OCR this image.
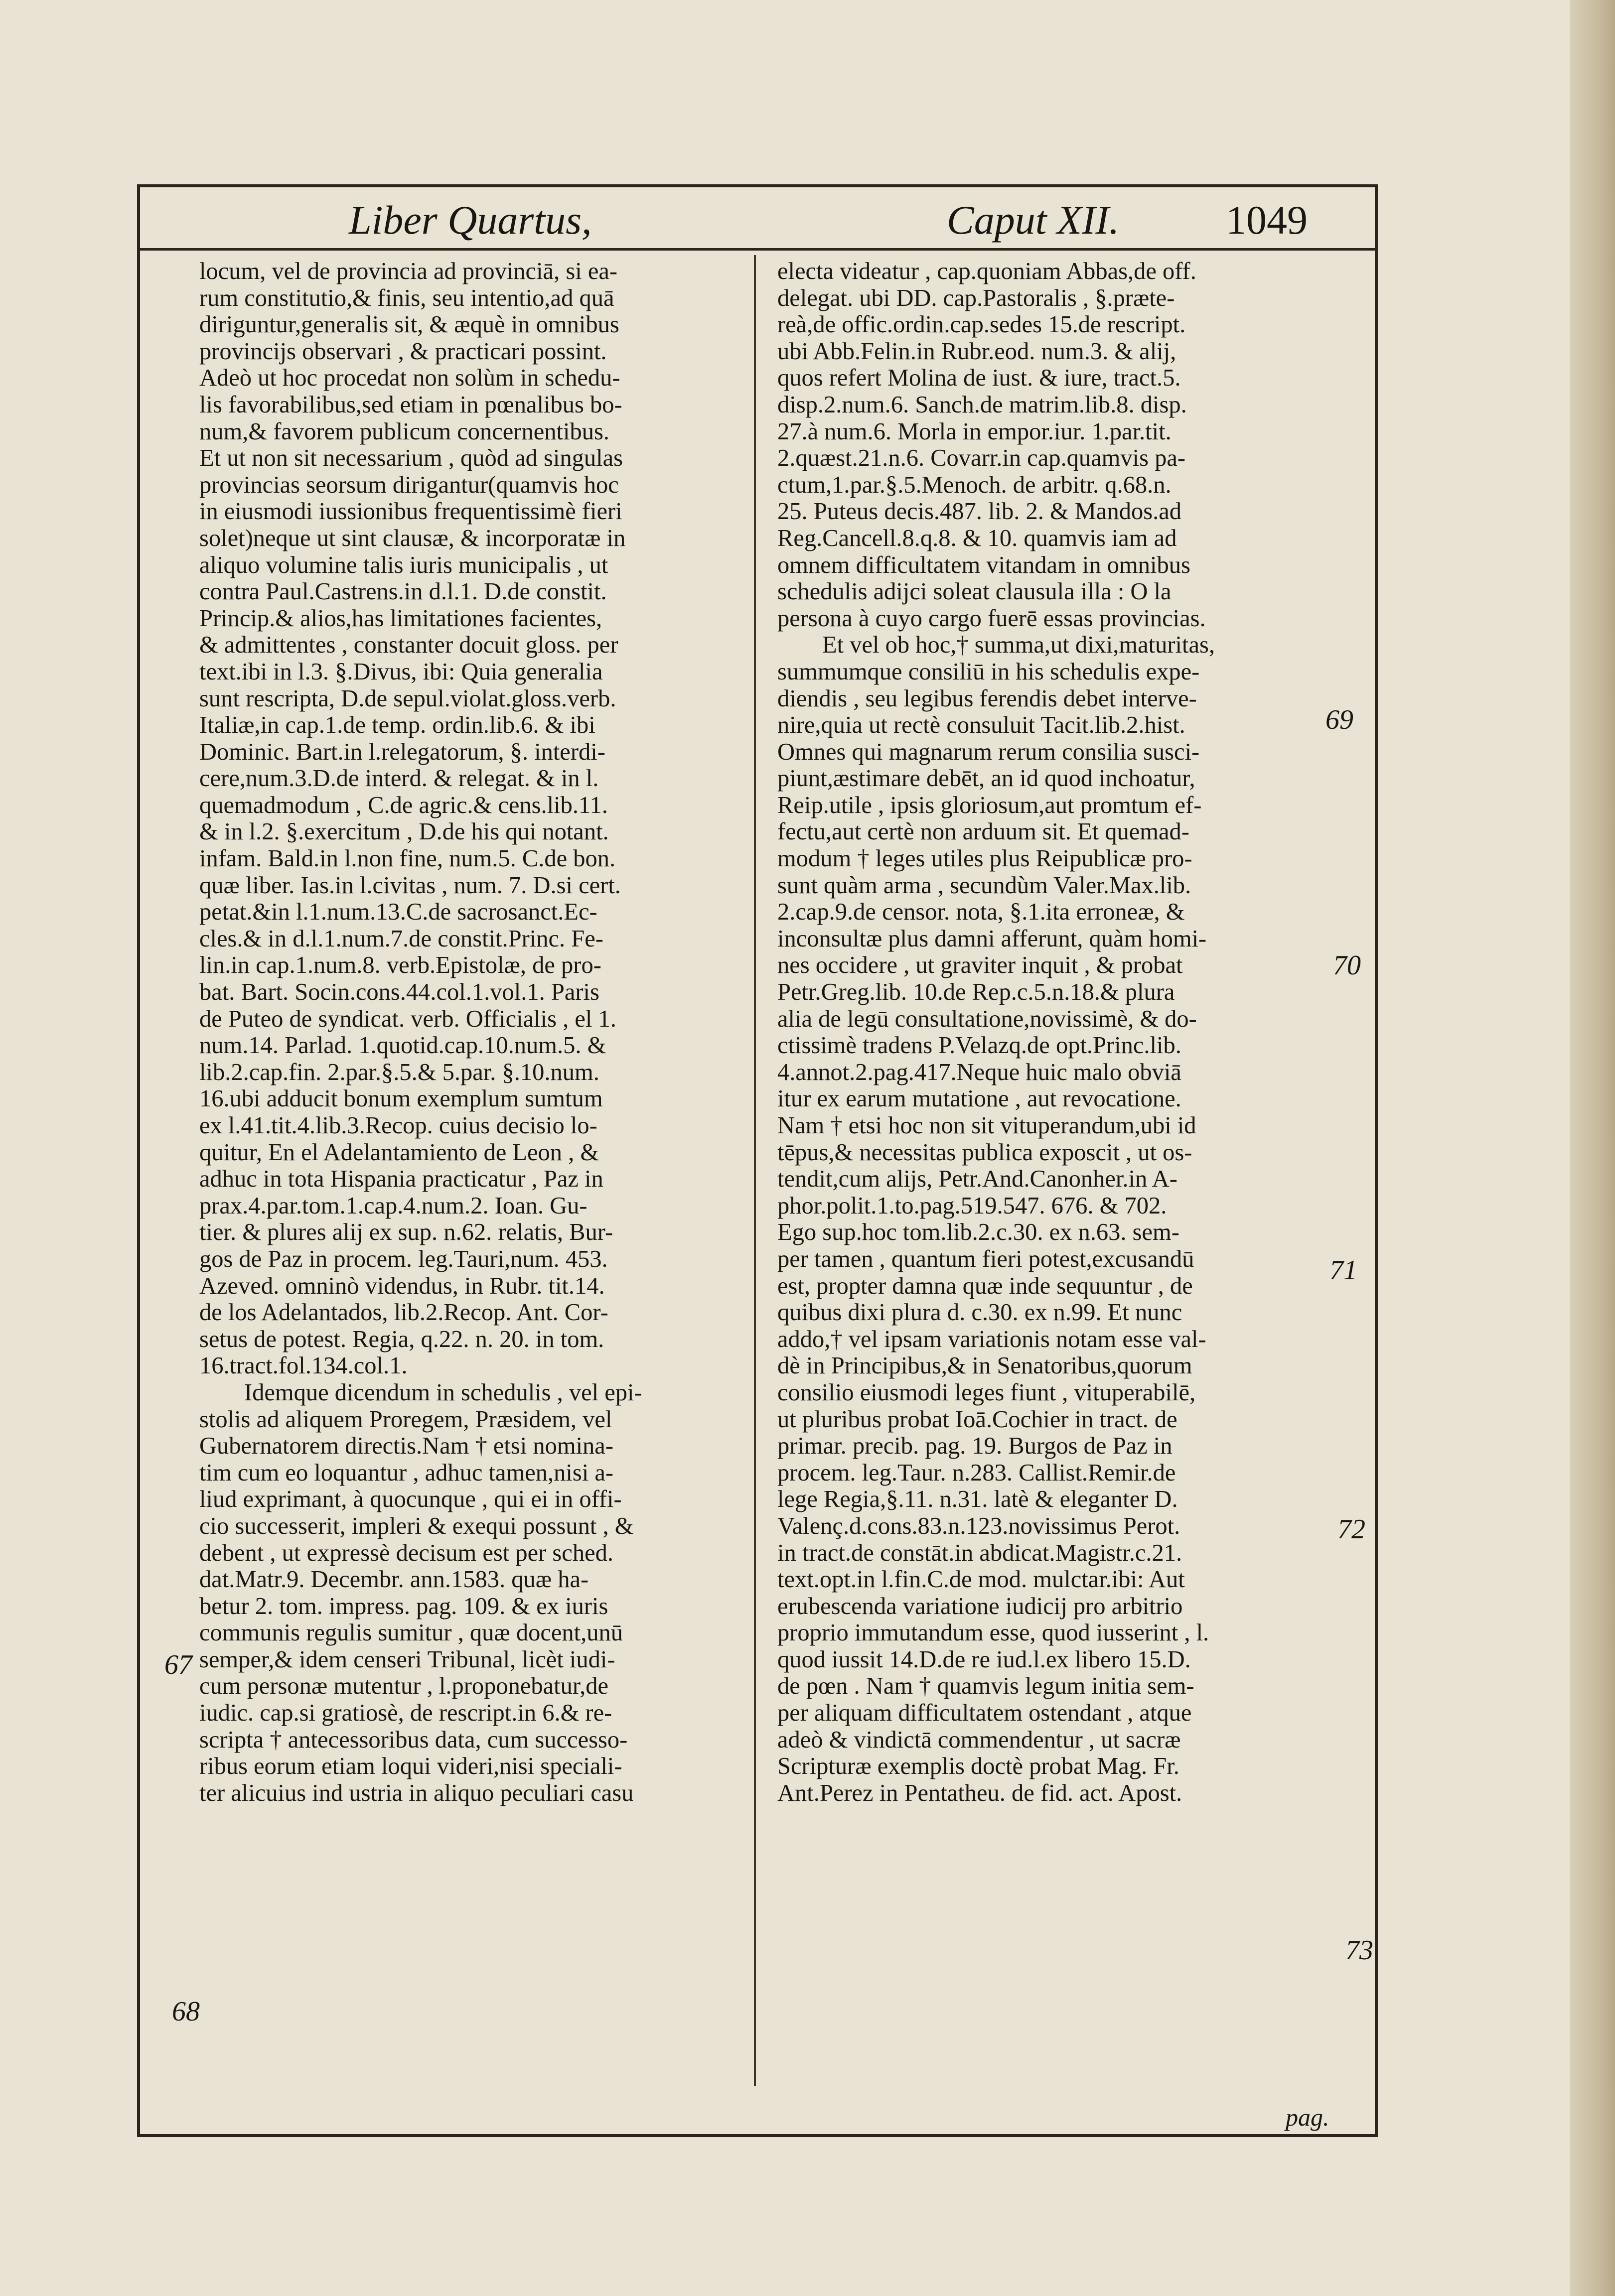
Liber Quartus,	Caput XII.	1049

locum, vel de provincia ad provinciā, si ea-

rum constitutio,& finis, seu intentio,ad quā

diriguntur,generalis sit, & æquè in omnibus

provincijs observari , & practicari possint.

Adeò ut hoc procedat non solùm in schedu-

lis favorabilibus,sed etiam in pœnalibus bo-

num,& favorem publicum concernentibus.

Et ut non sit necessarium , quòd ad singulas

provincias seorsum dirigantur(quamvis hoc

in eiusmodi iussionibus frequentissimè fieri

solet)neque ut sint clausæ, & incorporatæ in

aliquo volumine talis iuris municipalis , ut

contra Paul.Castrens.in d.l.1. D.de constit.

Princip.& alios,has limitationes facientes,

& admittentes , constanter docuit gloss. per

text.ibi in l.3. §.Divus, ibi: Quia generalia

sunt rescripta, D.de sepul.violat.gloss.verb.

Italiæ,in cap.1.de temp. ordin.lib.6. & ibi

Dominic. Bart.in l.relegatorum, §. interdi-

cere,num.3.D.de interd. & relegat. & in l.

quemadmodum , C.de agric.& cens.lib.11.

& in l.2. §.exercitum , D.de his qui notant.

infam. Bald.in l.non fine, num.5. C.de bon.

quæ liber. Ias.in l.civitas , num. 7. D.si cert.

petat.&in l.1.num.13.C.de sacrosanct.Ec-

cles.& in d.l.1.num.7.de constit.Princ. Fe-

lin.in cap.1.num.8. verb.Epistolæ, de pro-

bat. Bart. Socin.cons.44.col.1.vol.1. Paris

de Puteo de syndicat. verb. Officialis , el 1.

num.14. Parlad. 1.quotid.cap.10.num.5. &

lib.2.cap.fin. 2.par.§.5.& 5.par. §.10.num.

16.ubi adducit bonum exemplum sumtum

ex l.41.tit.4.lib.3.Recop. cuius decisio lo-

quitur, En el Adelantamiento de Leon , &

adhuc in tota Hispania practicatur , Paz in

prax.4.par.tom.1.cap.4.num.2. Ioan. Gu-

tier. & plures alij ex sup. n.62. relatis, Bur-

gos de Paz in procem. leg.Tauri,num. 453.

Azeved. omninò videndus, in Rubr. tit.14.

de los Adelantados, lib.2.Recop. Ant. Cor-

setus de potest. Regia, q.22. n. 20. in tom.

16.tract.fol.134.col.1.

Idemque dicendum in schedulis , vel epi-

stolis ad aliquem Proregem, Præsidem, vel

Gubernatorem directis.Nam † etsi nomina-

tim cum eo loquantur , adhuc tamen,nisi a-

liud exprimant, à quocunque , qui ei in offi-

cio successerit, impleri & exequi possunt , &

debent , ut expressè decisum est per sched.

dat.Matr.9. Decembr. ann.1583. quæ ha-

betur 2. tom. impress. pag. 109. & ex iuris

communis regulis sumitur , quæ docent,unū

semper,& idem censeri Tribunal, licèt iudi-

cum personæ mutentur , l.proponebatur,de

iudic. cap.si gratiosè, de rescript.in 6.& re-

scripta † antecessoribus data, cum successo-

ribus eorum etiam loqui videri,nisi speciali-

ter alicuius ind ustria in aliquo peculiari casu

electa videatur , cap.quoniam Abbas,de off.

delegat. ubi DD. cap.Pastoralis , §.præte-

reà,de offic.ordin.cap.sedes 15.de rescript.

ubi Abb.Felin.in Rubr.eod. num.3. & alij,

quos refert Molina de iust. & iure, tract.5.

disp.2.num.6. Sanch.de matrim.lib.8. disp.

27.à num.6. Morla in empor.iur. 1.par.tit.

2.quæst.21.n.6. Covarr.in cap.quamvis pa-

ctum,1.par.§.5.Menoch. de arbitr. q.68.n.

25. Puteus decis.487. lib. 2. & Mandos.ad

Reg.Cancell.8.q.8. & 10. quamvis iam ad

omnem difficultatem vitandam in omnibus

schedulis adijci soleat clausula illa : O la

persona à cuyo cargo fuerē essas provincias.

Et vel ob hoc,† summa,ut dixi,maturitas,

summumque consiliū in his schedulis expe-

diendis , seu legibus ferendis debet interve-

nire,quia ut rectè consuluit Tacit.lib.2.hist.

Omnes qui magnarum rerum consilia susci-

piunt,æstimare debēt, an id quod inchoatur,

Reip.utile , ipsis gloriosum,aut promtum ef-

fectu,aut certè non arduum sit. Et quemad-

modum † leges utiles plus Reipublicæ pro-

sunt quàm arma , secundùm Valer.Max.lib.

2.cap.9.de censor. nota, §.1.ita erroneæ, &

inconsultæ plus damni afferunt, quàm homi-

nes occidere , ut graviter inquit , & probat

Petr.Greg.lib. 10.de Rep.c.5.n.18.& plura

alia de legū consultatione,novissimè, & do-

ctissimè tradens P.Velazq.de opt.Princ.lib.

4.annot.2.pag.417.Neque huic malo obviā

itur ex earum mutatione , aut revocatione.

Nam † etsi hoc non sit vituperandum,ubi id

tēpus,& necessitas publica exposcit , ut os-

tendit,cum alijs, Petr.And.Canonher.in A-

phor.polit.1.to.pag.519.547. 676. & 702.

Ego sup.hoc tom.lib.2.c.30. ex n.63. sem-

per tamen , quantum fieri potest,excusandū

est, propter damna quæ inde sequuntur , de

quibus dixi plura d. c.30. ex n.99. Et nunc

addo,† vel ipsam variationis notam esse val-

dè in Principibus,& in Senatoribus,quorum

consilio eiusmodi leges fiunt , vituperabilē,

ut pluribus probat Ioā.Cochier in tract. de

primar. precib. pag. 19. Burgos de Paz in

procem. leg.Taur. n.283. Callist.Remir.de

lege Regia,§.11. n.31. latè & eleganter D.

Valenç.d.cons.83.n.123.novissimus Perot.

in tract.de constāt.in abdicat.Magistr.c.21.

text.opt.in l.fin.C.de mod. mulctar.ibi: Aut

erubescenda variatione iudicij pro arbitrio

proprio immutandum esse, quod iusserint , l.

quod iussit 14.D.de re iud.l.ex libero 15.D.

de pœn . Nam † quamvis legum initia sem-

per aliquam difficultatem ostendant , atque

adeò & vindictā commendentur , ut sacræ

Scripturæ exemplis doctè probat Mag. Fr.

Ant.Perez in Pentatheu. de fid. act. Apost.

67
68
69
70
71
72
73
pag.
